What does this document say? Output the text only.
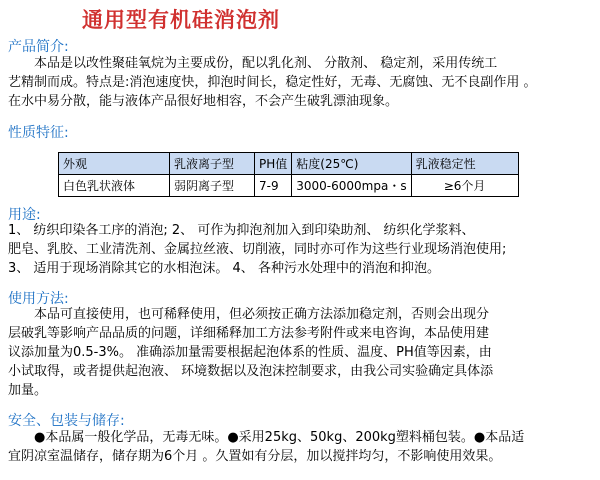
通用型有机硅消泡剂
产品简介:
本品是以改性聚硅氧烷为主要成份，配以乳化剂、 分散剂、 稳定剂，采用传统工
艺精制而成。特点是:消泡速度快，抑泡时间长，稳定性好，无毒、无腐蚀、无不良副作用 。
在水中易分散，能与液体产品很好地相容，不会产生破乳漂油现象。
性质特征:
外观	乳液离子型	PH值	粘度(25℃)	乳液稳定性
白色乳状液体	弱阴离子型	7-9	3000-6000mpa・s	≥6个月
用途:
1、 纺织印染各工序的消泡; 2、 可作为抑泡剂加入到印染助剂、 纺织化学浆料、
肥皂、乳胶、工业清洗剂、金属拉丝液、切削液，同时亦可作为这些行业现场消泡使用;
3、 适用于现场消除其它的水相泡沫。 4、 各种污水处理中的消泡和抑泡。
使用方法:
本品可直接使用，也可稀释使用，但必须按正确方法添加稳定剂，否则会出现分
层破乳等影响产品品质的问题，详细稀释加工方法参考附件或来电咨询，本品使用建
议添加量为0.5-3%。 准确添加量需要根据起泡体系的性质、温度、PH值等因素，由
小试取得，或者提供起泡液、 环境数据以及泡沫控制要求，由我公司实验确定具体添
加量。
安全、包装与储存:
●本品属一般化学品，无毒无味。●采用25kg、50kg、200kg塑料桶包装。●本品适
宜阴凉室温储存，储存期为6个月 。久置如有分层，加以搅拌均匀，不影响使用效果。
